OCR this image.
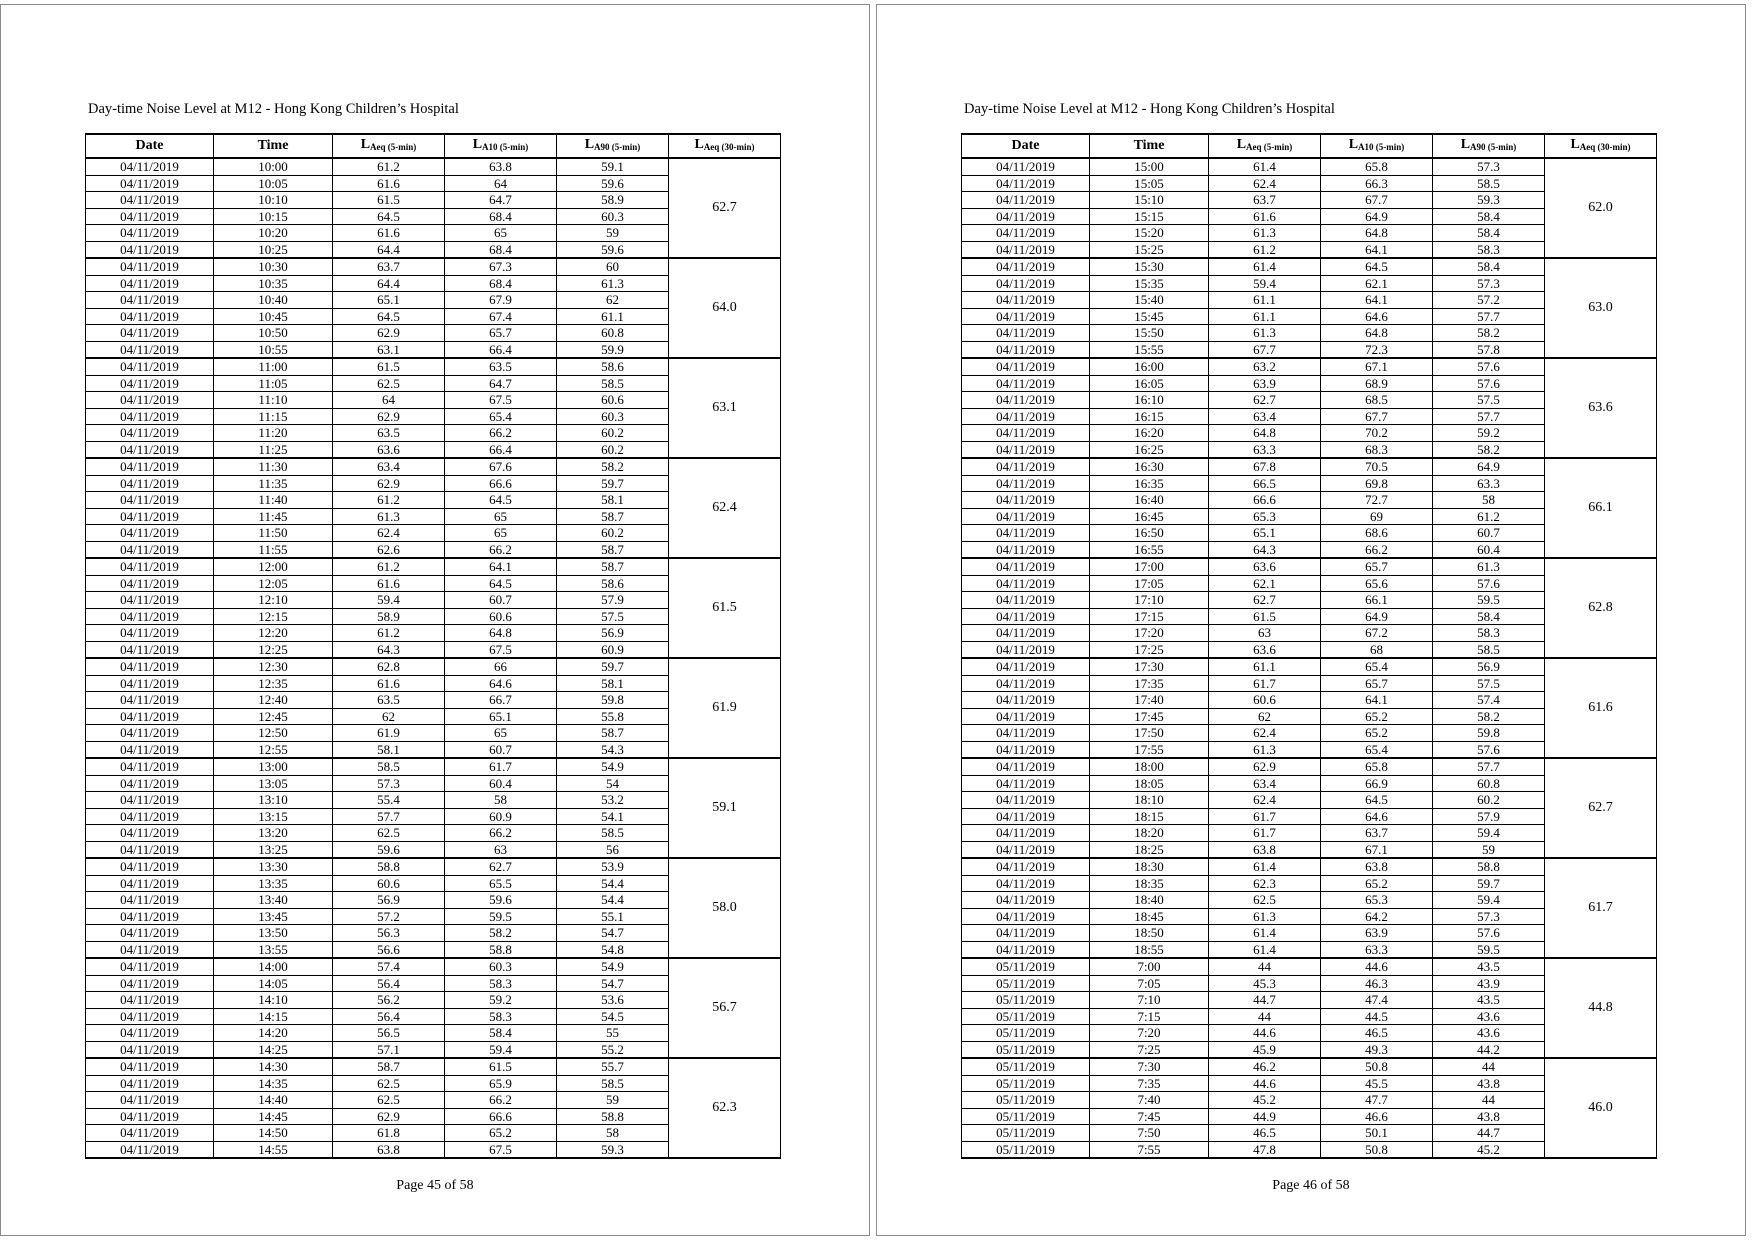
Day-time Noise Level at M12 - Hong Kong Children’s Hospital
Date	Time	$L_{Aeq (5-min)}$	$L_{A10 (5-min)}$	$L_{A90 (5-min)}$	$L_{Aeq (30-min)}$
04/11/2019	10:00	61.2	63.8	59.1	62.7
04/11/2019	10:05	61.6	64	59.6	
04/11/2019	10:10	61.5	64.7	58.9	
04/11/2019	10:15	64.5	68.4	60.3	
04/11/2019	10:20	61.6	65	59	
04/11/2019	10:25	64.4	68.4	59.6	
04/11/2019	10:30	63.7	67.3	60	64.0
04/11/2019	10:35	64.4	68.4	61.3	
04/11/2019	10:40	65.1	67.9	62	
04/11/2019	10:45	64.5	67.4	61.1	
04/11/2019	10:50	62.9	65.7	60.8	
04/11/2019	10:55	63.1	66.4	59.9	
04/11/2019	11:00	61.5	63.5	58.6	63.1
04/11/2019	11:05	62.5	64.7	58.5	
04/11/2019	11:10	64	67.5	60.6	
04/11/2019	11:15	62.9	65.4	60.3	
04/11/2019	11:20	63.5	66.2	60.2	
04/11/2019	11:25	63.6	66.4	60.2	
04/11/2019	11:30	63.4	67.6	58.2	62.4
04/11/2019	11:35	62.9	66.6	59.7	
04/11/2019	11:40	61.2	64.5	58.1	
04/11/2019	11:45	61.3	65	58.7	
04/11/2019	11:50	62.4	65	60.2	
04/11/2019	11:55	62.6	66.2	58.7	
04/11/2019	12:00	61.2	64.1	58.7	61.5
04/11/2019	12:05	61.6	64.5	58.6	
04/11/2019	12:10	59.4	60.7	57.9	
04/11/2019	12:15	58.9	60.6	57.5	
04/11/2019	12:20	61.2	64.8	56.9	
04/11/2019	12:25	64.3	67.5	60.9	
04/11/2019	12:30	62.8	66	59.7	61.9
04/11/2019	12:35	61.6	64.6	58.1	
04/11/2019	12:40	63.5	66.7	59.8	
04/11/2019	12:45	62	65.1	55.8	
04/11/2019	12:50	61.9	65	58.7	
04/11/2019	12:55	58.1	60.7	54.3	
04/11/2019	13:00	58.5	61.7	54.9	59.1
04/11/2019	13:05	57.3	60.4	54	
04/11/2019	13:10	55.4	58	53.2	
04/11/2019	13:15	57.7	60.9	54.1	
04/11/2019	13:20	62.5	66.2	58.5	
04/11/2019	13:25	59.6	63	56	
04/11/2019	13:30	58.8	62.7	53.9	58.0
04/11/2019	13:35	60.6	65.5	54.4	
04/11/2019	13:40	56.9	59.6	54.4	
04/11/2019	13:45	57.2	59.5	55.1	
04/11/2019	13:50	56.3	58.2	54.7	
04/11/2019	13:55	56.6	58.8	54.8	
04/11/2019	14:00	57.4	60.3	54.9	56.7
04/11/2019	14:05	56.4	58.3	54.7	
04/11/2019	14:10	56.2	59.2	53.6	
04/11/2019	14:15	56.4	58.3	54.5	
04/11/2019	14:20	56.5	58.4	55	
04/11/2019	14:25	57.1	59.4	55.2	
04/11/2019	14:30	58.7	61.5	55.7	62.3
04/11/2019	14:35	62.5	65.9	58.5	
04/11/2019	14:40	62.5	66.2	59	
04/11/2019	14:45	62.9	66.6	58.8	
04/11/2019	14:50	61.8	65.2	58	
04/11/2019	14:55	63.8	67.5	59.3	
Page 45 of 58
Day-time Noise Level at M12 - Hong Kong Children’s Hospital
Date	Time	$L_{Aeq (5-min)}$	$L_{A10 (5-min)}$	$L_{A90 (5-min)}$	$L_{Aeq (30-min)}$
04/11/2019	15:00	61.4	65.8	57.3	62.0
04/11/2019	15:05	62.4	66.3	58.5	
04/11/2019	15:10	63.7	67.7	59.3	
04/11/2019	15:15	61.6	64.9	58.4	
04/11/2019	15:20	61.3	64.8	58.4	
04/11/2019	15:25	61.2	64.1	58.3	
04/11/2019	15:30	61.4	64.5	58.4	63.0
04/11/2019	15:35	59.4	62.1	57.3	
04/11/2019	15:40	61.1	64.1	57.2	
04/11/2019	15:45	61.1	64.6	57.7	
04/11/2019	15:50	61.3	64.8	58.2	
04/11/2019	15:55	67.7	72.3	57.8	
04/11/2019	16:00	63.2	67.1	57.6	63.6
04/11/2019	16:05	63.9	68.9	57.6	
04/11/2019	16:10	62.7	68.5	57.5	
04/11/2019	16:15	63.4	67.7	57.7	
04/11/2019	16:20	64.8	70.2	59.2	
04/11/2019	16:25	63.3	68.3	58.2	
04/11/2019	16:30	67.8	70.5	64.9	66.1
04/11/2019	16:35	66.5	69.8	63.3	
04/11/2019	16:40	66.6	72.7	58	
04/11/2019	16:45	65.3	69	61.2	
04/11/2019	16:50	65.1	68.6	60.7	
04/11/2019	16:55	64.3	66.2	60.4	
04/11/2019	17:00	63.6	65.7	61.3	62.8
04/11/2019	17:05	62.1	65.6	57.6	
04/11/2019	17:10	62.7	66.1	59.5	
04/11/2019	17:15	61.5	64.9	58.4	
04/11/2019	17:20	63	67.2	58.3	
04/11/2019	17:25	63.6	68	58.5	
04/11/2019	17:30	61.1	65.4	56.9	61.6
04/11/2019	17:35	61.7	65.7	57.5	
04/11/2019	17:40	60.6	64.1	57.4	
04/11/2019	17:45	62	65.2	58.2	
04/11/2019	17:50	62.4	65.2	59.8	
04/11/2019	17:55	61.3	65.4	57.6	
04/11/2019	18:00	62.9	65.8	57.7	62.7
04/11/2019	18:05	63.4	66.9	60.8	
04/11/2019	18:10	62.4	64.5	60.2	
04/11/2019	18:15	61.7	64.6	57.9	
04/11/2019	18:20	61.7	63.7	59.4	
04/11/2019	18:25	63.8	67.1	59	
04/11/2019	18:30	61.4	63.8	58.8	61.7
04/11/2019	18:35	62.3	65.2	59.7	
04/11/2019	18:40	62.5	65.3	59.4	
04/11/2019	18:45	61.3	64.2	57.3	
04/11/2019	18:50	61.4	63.9	57.6	
04/11/2019	18:55	61.4	63.3	59.5	
05/11/2019	7:00	44	44.6	43.5	44.8
05/11/2019	7:05	45.3	46.3	43.9	
05/11/2019	7:10	44.7	47.4	43.5	
05/11/2019	7:15	44	44.5	43.6	
05/11/2019	7:20	44.6	46.5	43.6	
05/11/2019	7:25	45.9	49.3	44.2	
05/11/2019	7:30	46.2	50.8	44	46.0
05/11/2019	7:35	44.6	45.5	43.8	
05/11/2019	7:40	45.2	47.7	44	
05/11/2019	7:45	44.9	46.6	43.8	
05/11/2019	7:50	46.5	50.1	44.7	
05/11/2019	7:55	47.8	50.8	45.2	
Page 46 of 58
